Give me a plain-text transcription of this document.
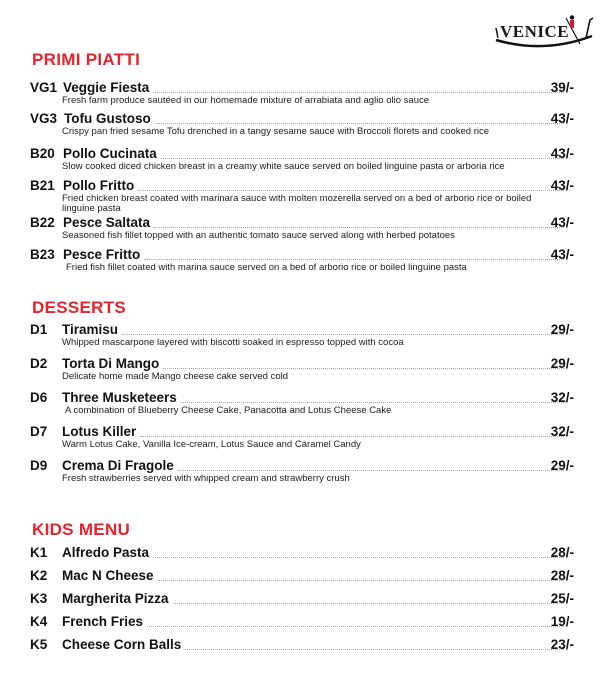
VENICE
PRIMI PIATTI
VG1 Veggie Fiesta	39/-
Fresh farm produce sautéed in our homemade mixture of arrabiata and aglio olio sauce
VG3 Tofu Gustoso	43/-
Crispy pan fried sesame Tofu drenched in a tangy sesame sauce with Broccoli florets and cooked rice
B20 Pollo Cucinata	43/-
Slow cooked diced chicken breast in a creamy white sauce served on boiled linguine pasta or arboria rice
B21 Pollo Fritto	43/-
Fried chicken breast coated with marinara sauce with molten mozerella served on a bed of arborio rice or boiled linguine pasta
B22 Pesce Saltata	43/-
Seasoned fish fillet topped with an authentic tomato sauce served along with herbed potatoes
B23 Pesce Fritto	43/-
Fried fish fillet coated with marina sauce served on a bed of arborio rice or boiled linguine pasta
DESSERTS
D1 Tiramisu	29/-
Whipped mascarpone layered with biscotti soaked in espresso topped with cocoa
D2 Torta Di Mango	29/-
Delicate home made Mango cheese cake served cold
D6 Three Musketeers	32/-
A combination of Blueberry Cheese Cake, Panacotta and Lotus Cheese Cake
D7 Lotus Killer	32/-
Warm Lotus Cake, Vanilla Ice-cream, Lotus Sauce and Caramel Candy
D9 Crema Di Fragole	29/-
Fresh strawberries served with whipped cream and strawberry crush
KIDS MENU
K1 Alfredo Pasta	28/-
K2 Mac N Cheese	28/-
K3 Margherita Pizza	25/-
K4 French Fries	19/-
K5 Cheese Corn Balls	23/-
